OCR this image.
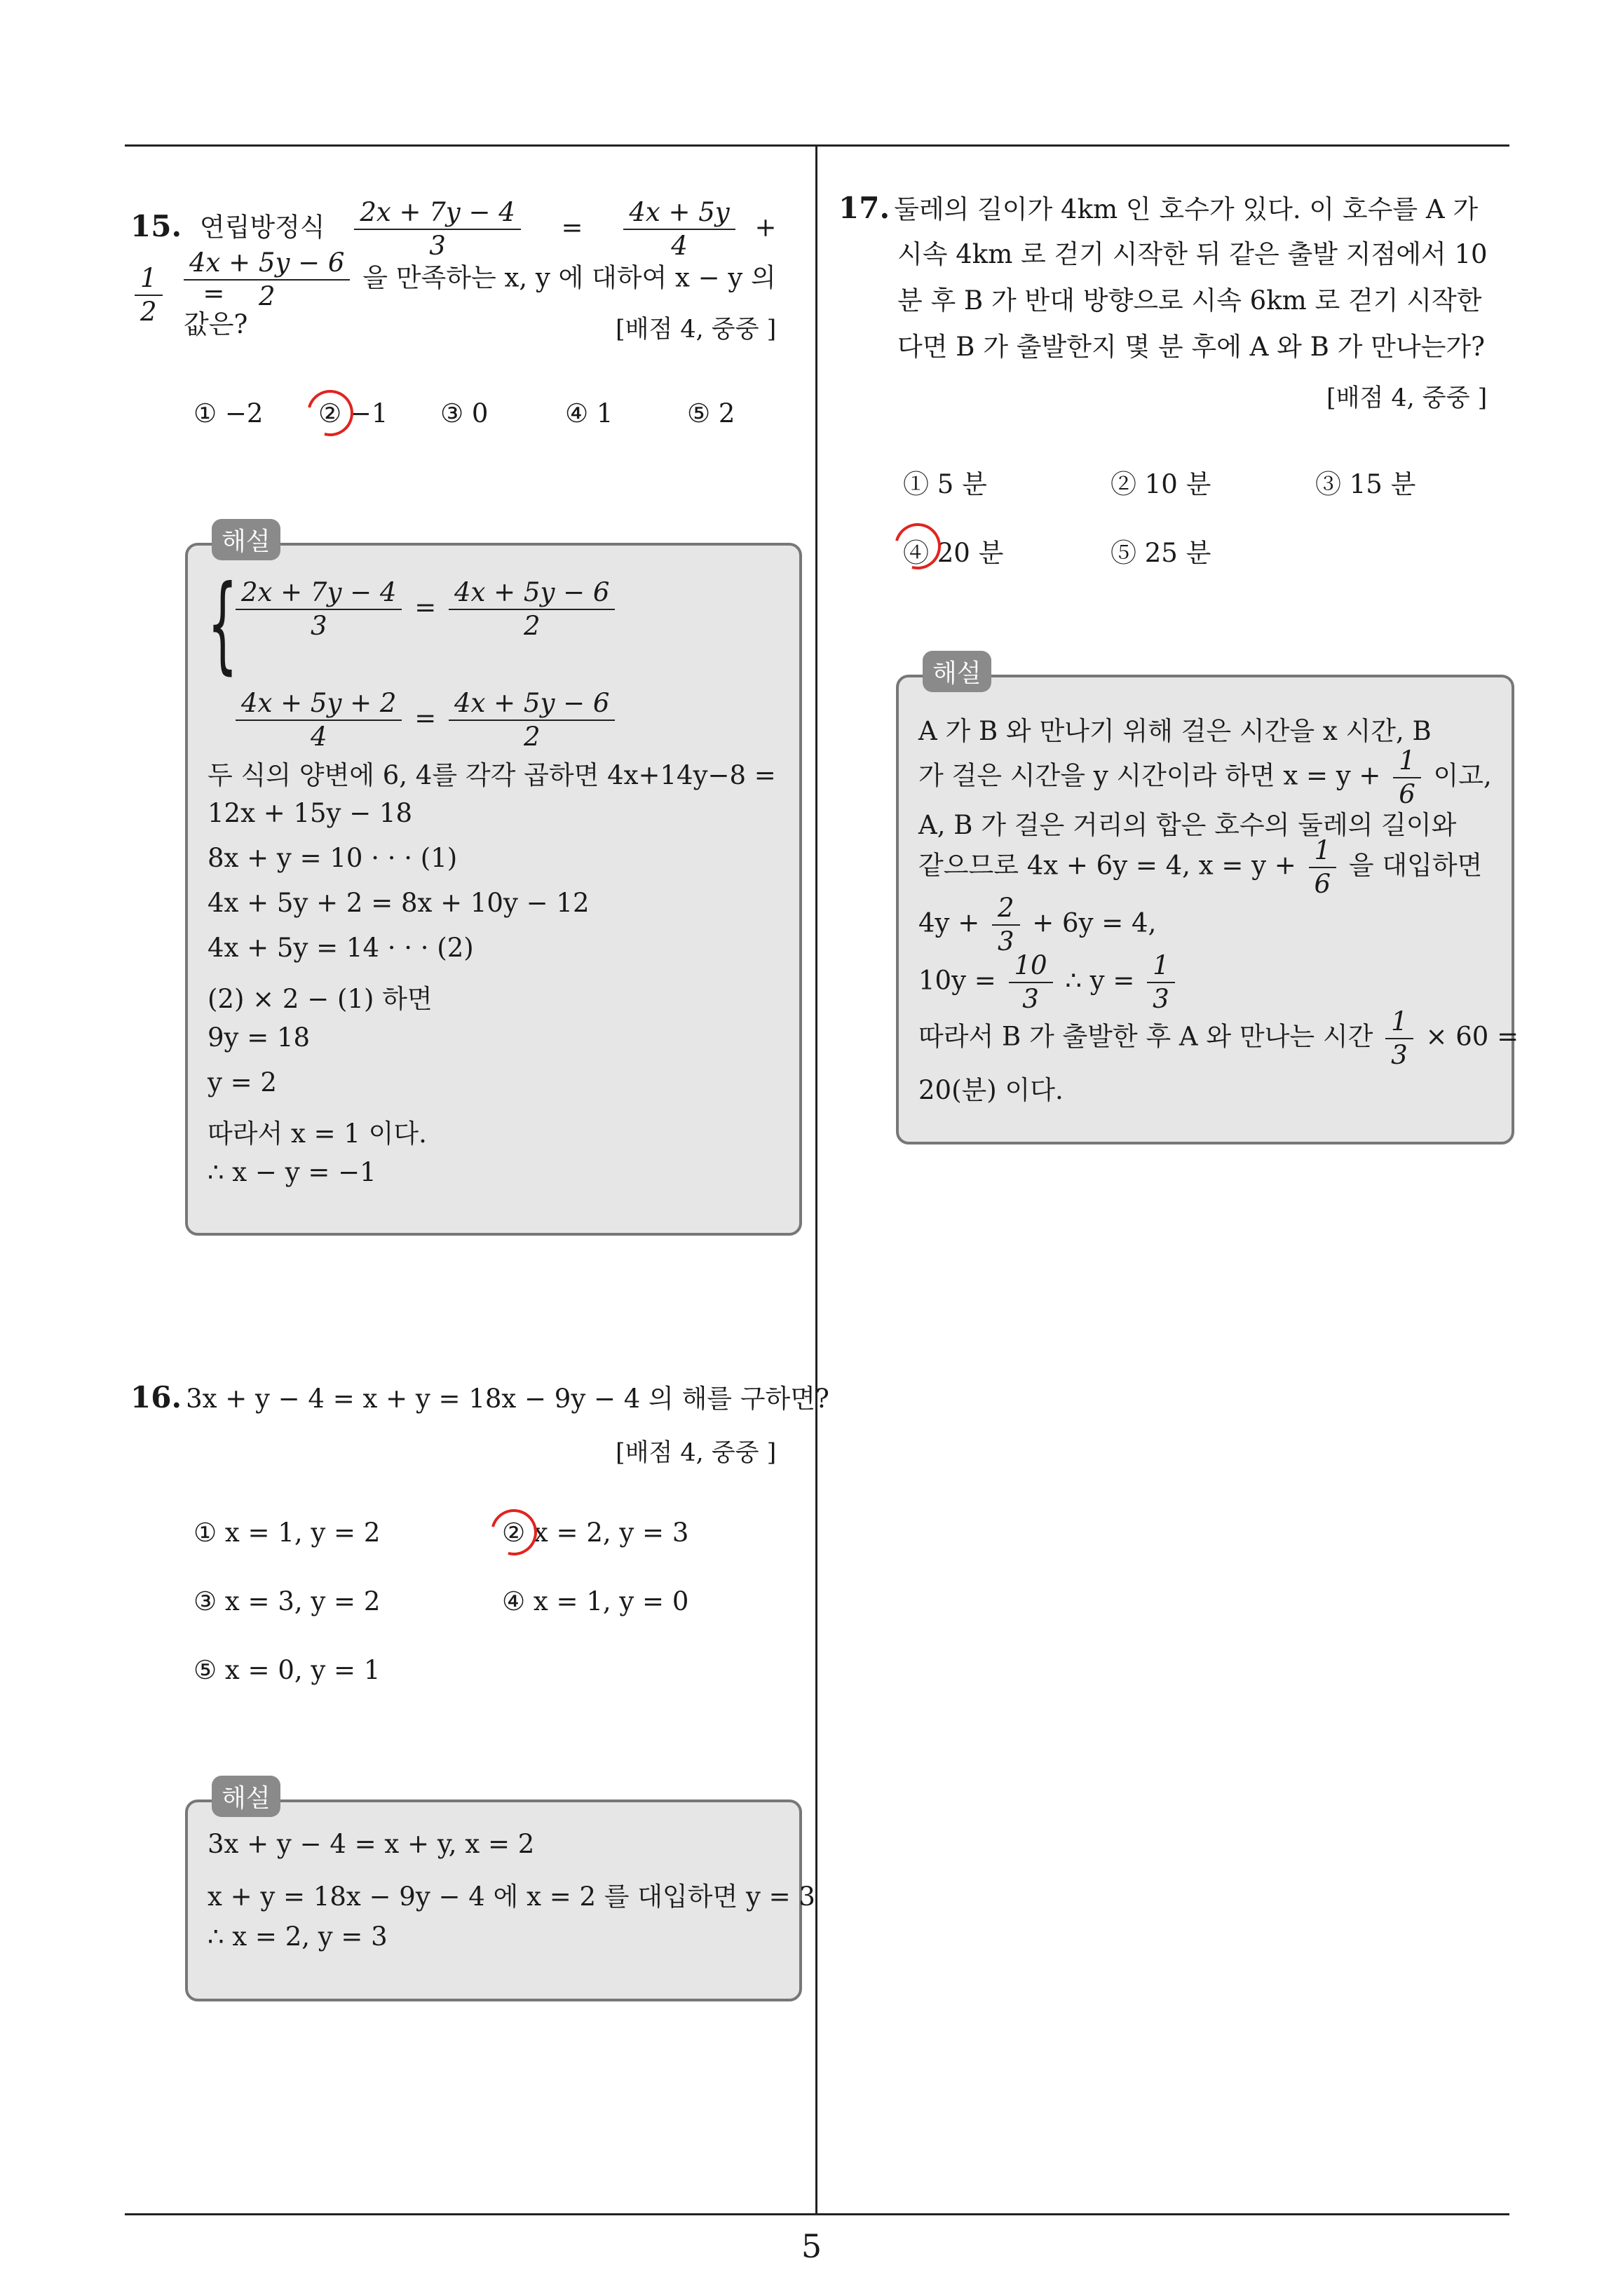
5
15. 연립방정식 $\frac{2x + 7y - 4}{3} = \frac{4x + 5y}{4}$ +
$\frac{1}{2}$ =
$\frac{4x + 5y - 6}{2}$ 을 만족하는 x, y 에 대하여 x − y 의
값은?	[배점 4, 중중 ]
① −2 ② −1 ③ 0	④ 1	⑤ 2
해설
{
$\frac{2x + 7y - 4}{3} = \frac{4x + 5y - 6}{2}$
$\frac{4x + 5y + 2}{4} = \frac{4x + 5y - 6}{2}$
두 식의 양변에 6, 4를 각각 곱하면 4x+14y−8 =
12x + 15y − 18
8x + y = 10 · · · (1)
4x + 5y + 2 = 8x + 10y − 12
4x + 5y = 14 · · · (2)
(2) × 2 − (1) 하면
9y = 18
y = 2
따라서 x = 1 이다.
∴ x − y = −1
16. 3x + y − 4 = x + y = 18x − 9y − 4 의 해를 구하면?
[배점 4, 중중 ]
① x = 1, y = 2	② x = 2, y = 3
③ x = 3, y = 2	④ x = 1, y = 0
⑤ x = 0, y = 1
해설
3x + y − 4 = x + y, x = 2
x + y = 18x − 9y − 4 에 x = 2 를 대입하면 y = 3
∴ x = 2, y = 3
17. 둘레의 길이가 4km 인 호수가 있다. 이 호수를 A 가
시속 4km 로 걷기 시작한 뒤 같은 출발 지점에서 10
분 후 B 가 반대 방향으로 시속 6km 로 걷기 시작한
다면 B 가 출발한지 몇 분 후에 A 와 B 가 만나는가?
[배점 4, 중중 ]
① 5 분	② 10 분	③ 15 분
④ 20 분	⑤ 25 분
해설
A 가 B 와 만나기 위해 걸은 시간을 x 시간, B
가 걸은 시간을 y 시간이라 하면 $x = y + \frac{1}{6}$ 이고,
A, B 가 걸은 거리의 합은 호수의 둘레의 길이와
같으므로 4x + 6y = 4, $x = y + \frac{1}{6}$ 을 대입하면
$4y + \frac{2}{3} + 6y = 4$,
$10y = \frac{10}{3}$ ∴ $y = \frac{1}{3}$
따라서 B 가 출발한 후 A 와 만나는 시간 $\frac{1}{3} \times 60$ =
20(분) 이다.
